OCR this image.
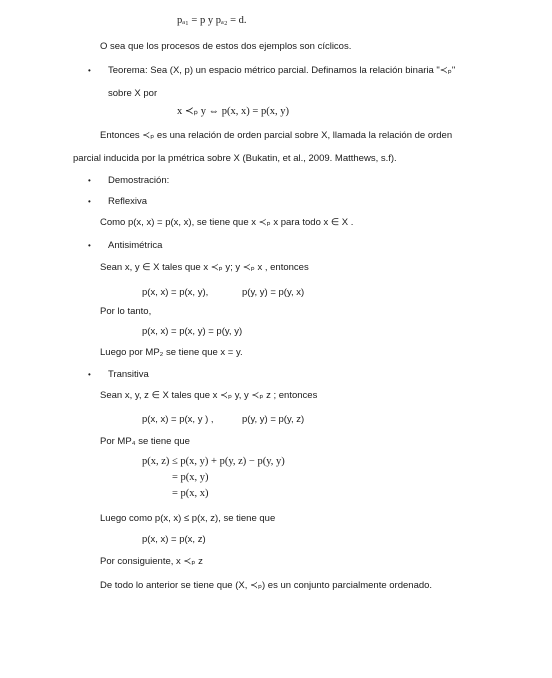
pₐ₁ = p y pₐ₂ = d.
O sea que los procesos de estos dos ejemplos son cíclicos.
• Teorema: Sea (X, p) un espacio métrico parcial. Definamos la relación binaria "≺ₚ"
sobre X por
x ≺ₚ y ⇔ p(x, x) = p(x, y)
Entonces ≺ₚ es una relación de orden parcial sobre X, llamada la relación de orden
parcial inducida por la pmétrica sobre X (Bukatin, et al., 2009. Matthews, s.f).
• Demostración:
• Reflexiva
Como p(x, x) = p(x, x), se tiene que x ≺ₚ x para todo x ∈ X .
• Antisimétrica
Sean x, y ∈ X tales que x ≺ₚ y; y ≺ₚ x , entonces
p(x, x) = p(x, y),	p(y, y) = p(y, x)
Por lo tanto,
p(x, x) = p(x, y) = p(y, y)
Luego por MP₂ se tiene que x = y.
• Transitiva
Sean x, y, z ∈ X tales que x ≺ₚ y, y ≺ₚ z ; entonces
p(x, x) = p(x, y ) ,	p(y, y) = p(y, z)
Por MP₄ se tiene que
p(x, z) ≤ p(x, y) + p(y, z) − p(y, y)
= p(x, y)
= p(x, x)
Luego como p(x, x) ≤ p(x, z), se tiene que
p(x, x) = p(x, z)
Por consiguiente, x ≺ₚ z
De todo lo anterior se tiene que (X, ≺ₚ) es un conjunto parcialmente ordenado.
